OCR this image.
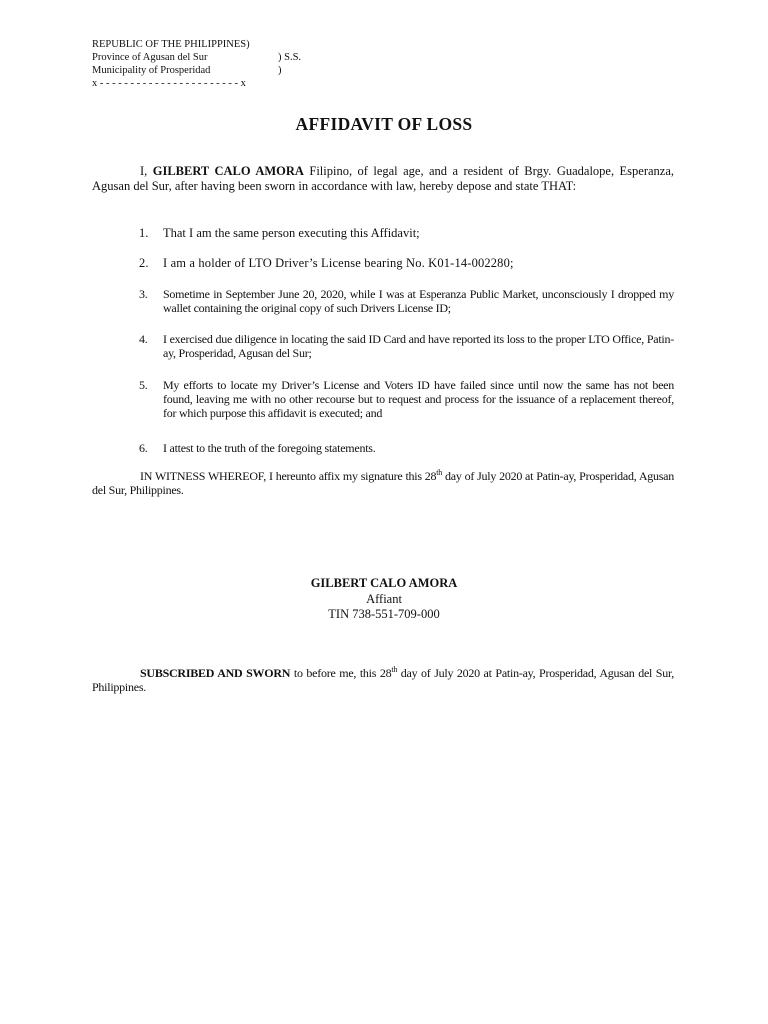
REPUBLIC OF THE PHILIPPINES)
Province of Agusan del Sur	) S.S.
Municipality of Prosperidad	)
x - - - - - - - - - - - - - - - - - - - - - - - x
AFFIDAVIT OF LOSS
I, GILBERT CALO AMORA Filipino, of legal age, and a resident of Brgy. Guadalope, Esperanza, Agusan del Sur, after having been sworn in accordance with law, hereby depose and state THAT:
1.	That I am the same person executing this Affidavit;
2.	I am a holder of LTO Driver’s License bearing No. K01-14-002280;
3.	Sometime in September June 20, 2020, while I was at Esperanza Public Market, unconsciously I dropped my wallet containing the original copy of such Drivers License ID;
4.	I exercised due diligence in locating the said ID Card and have reported its loss to the proper LTO Office, Patin-ay, Prosperidad, Agusan del Sur;
5.	My efforts to locate my Driver’s License and Voters ID have failed since until now the same has not been found, leaving me with no other recourse but to request and process for the issuance of a replacement thereof, for which purpose this affidavit is executed; and
6.	I attest to the truth of the foregoing statements.
IN WITNESS WHEREOF, I hereunto affix my signature this 28th day of July 2020 at Patin-ay, Prosperidad, Agusan del Sur, Philippines.
GILBERT CALO AMORA
Affiant
TIN 738-551-709-000
SUBSCRIBED AND SWORN to before me, this 28th day of July 2020 at Patin-ay, Prosperidad, Agusan del Sur, Philippines.
